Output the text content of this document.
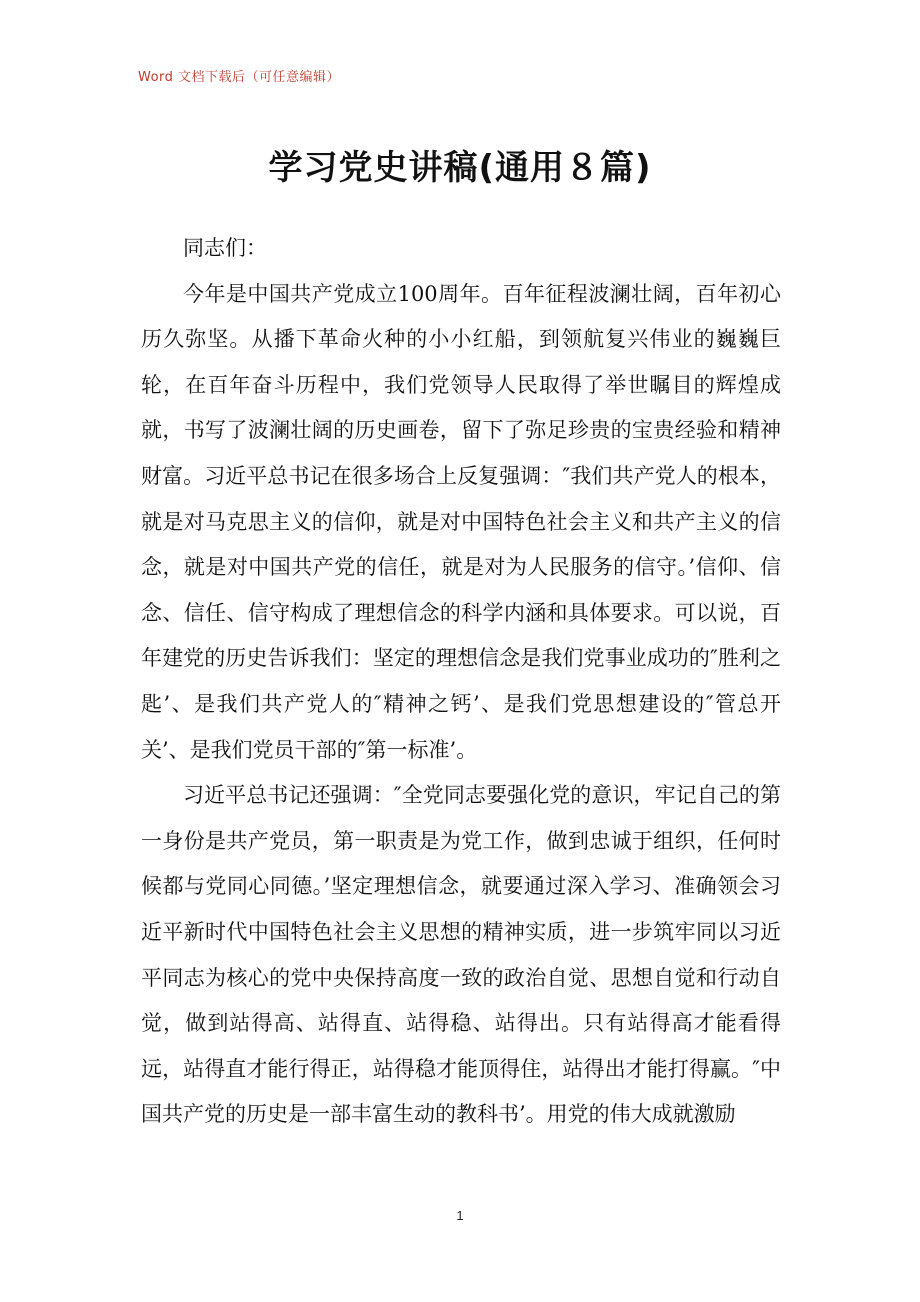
Word 文档下载后（可任意编辑）
学习党史讲稿(通用８篇)

同志们：

今年是中国共产党成立100周年。百年征程波澜壮阔，百年初心历久弥坚。从播下革命火种的小小红船，到领航复兴伟业的巍巍巨轮，在百年奋斗历程中，我们党领导人民取得了举世瞩目的辉煌成就，书写了波澜壮阔的历史画卷，留下了弥足珍贵的宝贵经验和精神财富。习近平总书记在很多场合上反复强调：″我们共产党人的根本，就是对马克思主义的信仰，就是对中国特色社会主义和共产主义的信念，就是对中国共产党的信任，就是对为人民服务的信守。’信仰、信念、信任、信守构成了理想信念的科学内涵和具体要求。可以说，百年建党的历史告诉我们：坚定的理想信念是我们党事业成功的″胜利之匙’、是我们共产党人的″精神之钙’、是我们党思想建设的″管总开关’、是我们党员干部的″第一标准’。

习近平总书记还强调：″全党同志要强化党的意识，牢记自己的第一身份是共产党员，第一职责是为党工作，做到忠诚于组织，任何时候都与党同心同德。’坚定理想信念，就要通过深入学习、准确领会习近平新时代中国特色社会主义思想的精神实质，进一步筑牢同以习近平同志为核心的党中央保持高度一致的政治自觉、思想自觉和行动自觉，做到站得高、站得直、站得稳、站得出。只有站得高才能看得远，站得直才能行得正，站得稳才能顶得住，站得出才能打得赢。″中国共产党的历史是一部丰富生动的教科书’。用党的伟大成就激励

1
